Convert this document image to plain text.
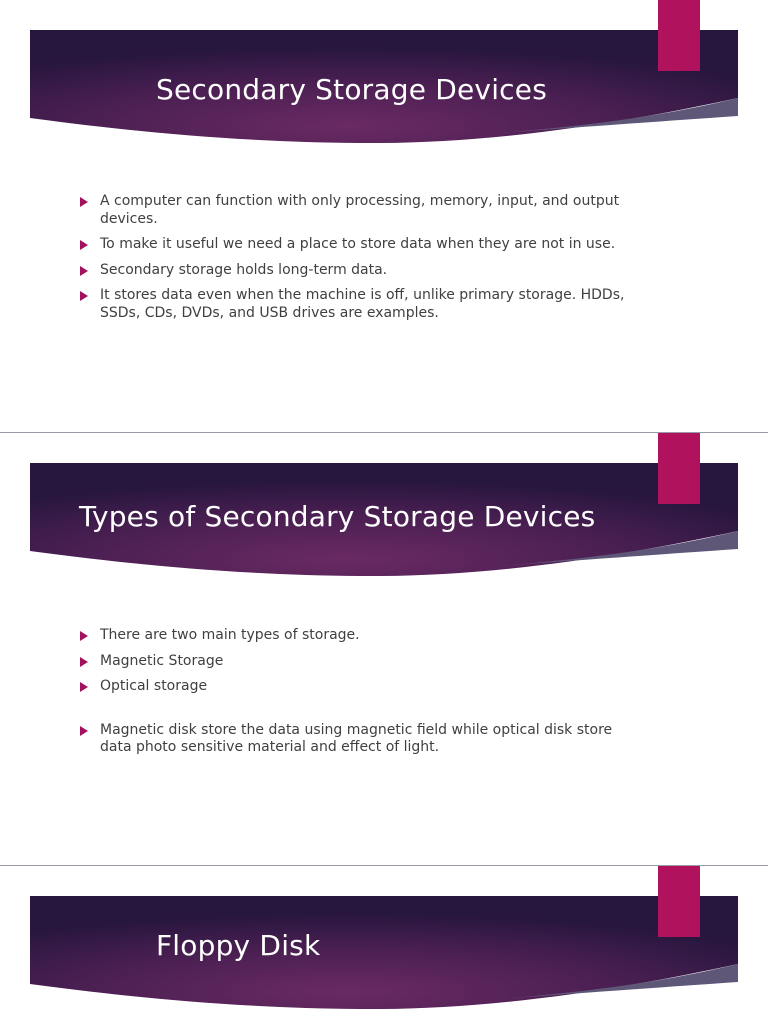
Secondary Storage Devices
A computer can function with only processing, memory, input, and output devices.
To make it useful we need a place to store data when they are not in use.
Secondary storage holds long-term data.
It stores data even when the machine is off, unlike primary storage. HDDs, SSDs, CDs, DVDs, and USB drives are examples.
Types of Secondary Storage Devices
There are two main types of storage.
Magnetic Storage
Optical storage
Magnetic disk store the data using magnetic field while optical disk store data photo sensitive material and effect of light.
Floppy Disk
